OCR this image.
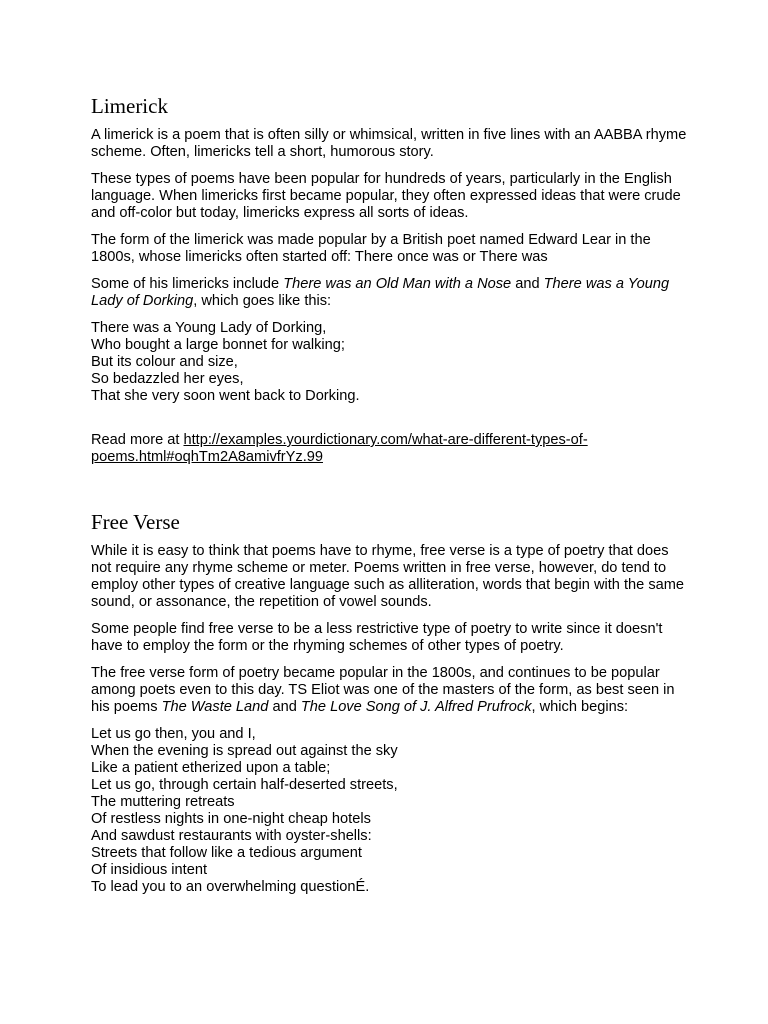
Limerick

A limerick is a poem that is often silly or whimsical, written in five lines with an AABBA rhyme scheme. Often, limericks tell a short, humorous story.

These types of poems have been popular for hundreds of years, particularly in the English language. When limericks first became popular, they often expressed ideas that were crude and off-color but today, limericks express all sorts of ideas.

The form of the limerick was made popular by a British poet named Edward Lear in the 1800s, whose limericks often started off: There once was or There was

Some of his limericks include There was an Old Man with a Nose and There was a Young Lady of Dorking, which goes like this:

There was a Young Lady of Dorking,
Who bought a large bonnet for walking;
But its colour and size,
So bedazzled her eyes,
That she very soon went back to Dorking.

Read more at http://examples.yourdictionary.com/what-are-different-types-of-
poems.html#oqhTm2A8amivfrYz.99

Free Verse

While it is easy to think that poems have to rhyme, free verse is a type of poetry that does not require any rhyme scheme or meter. Poems written in free verse, however, do tend to employ other types of creative language such as alliteration, words that begin with the same sound, or assonance, the repetition of vowel sounds.

Some people find free verse to be a less restrictive type of poetry to write since it doesn't have to employ the form or the rhyming schemes of other types of poetry.

The free verse form of poetry became popular in the 1800s, and continues to be popular among poets even to this day. TS Eliot was one of the masters of the form, as best seen in his poems The Waste Land and The Love Song of J. Alfred Prufrock, which begins:

Let us go then, you and I,
When the evening is spread out against the sky
Like a patient etherized upon a table;
Let us go, through certain half-deserted streets,
The muttering retreats
Of restless nights in one-night cheap hotels
And sawdust restaurants with oyster-shells:
Streets that follow like a tedious argument
Of insidious intent
To lead you to an overwhelming questionÉ.
